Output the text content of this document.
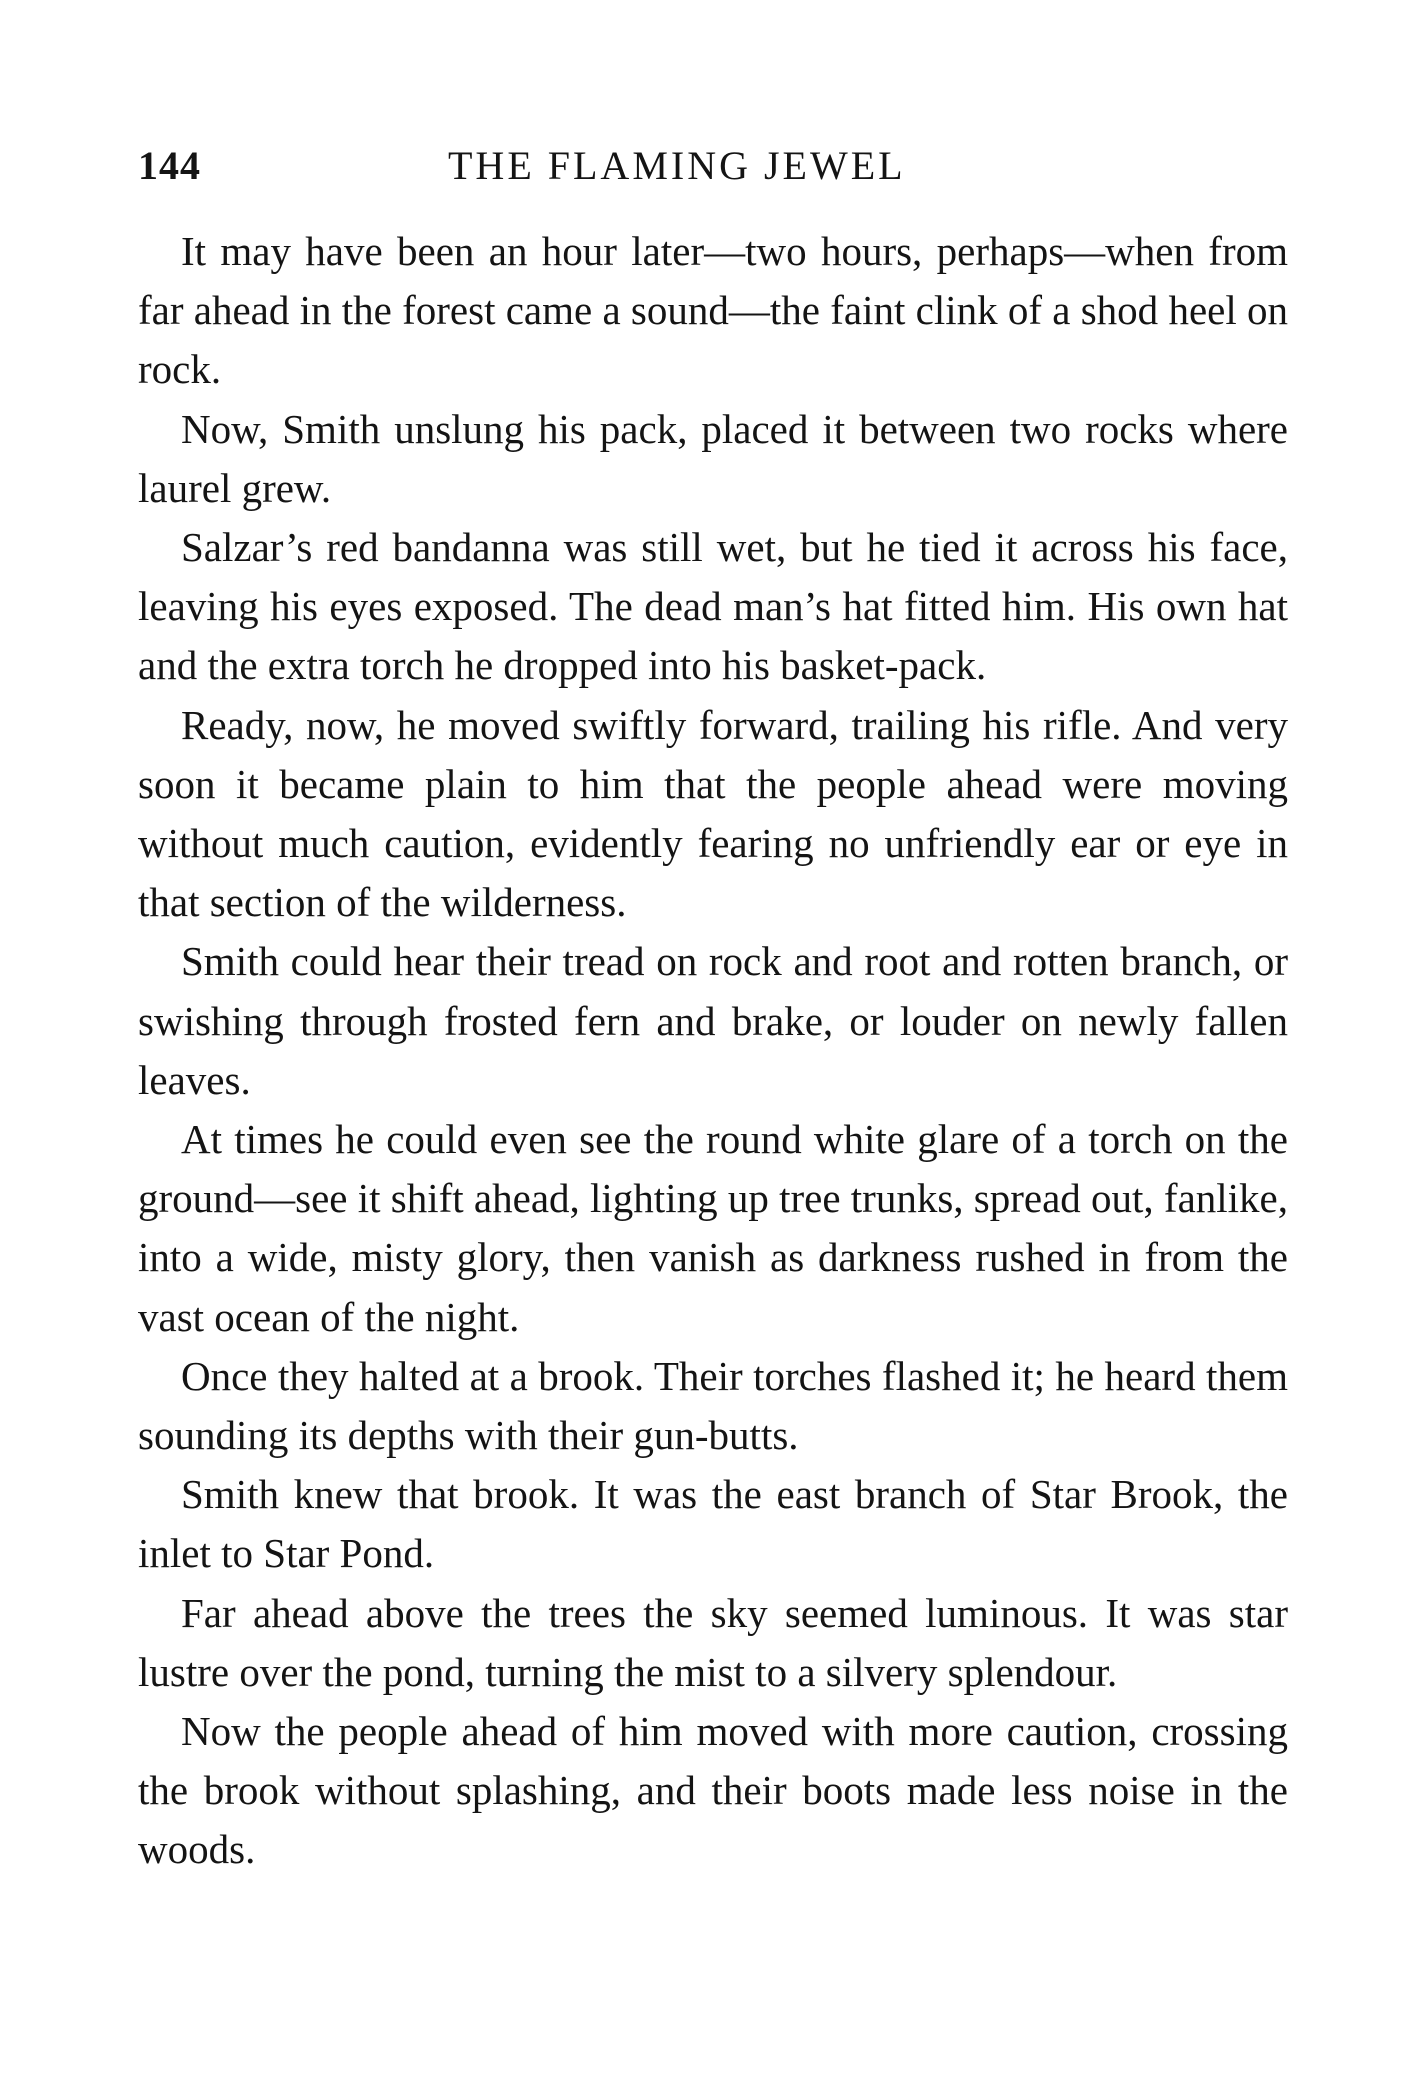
144	THE FLAMING JEWEL

It may have been an hour later—two hours, perhaps—when from far ahead in the forest came a sound—the faint clink of a shod heel on rock.

Now, Smith unslung his pack, placed it between two rocks where laurel grew.

Salzar’s red bandanna was still wet, but he tied it across his face, leaving his eyes exposed. The dead man’s hat fitted him. His own hat and the extra torch he dropped into his basket-pack.

Ready, now, he moved swiftly forward, trailing his rifle. And very soon it became plain to him that the people ahead were moving without much caution, evidently fearing no unfriendly ear or eye in that section of the wilderness.

Smith could hear their tread on rock and root and rotten branch, or swishing through frosted fern and brake, or louder on newly fallen leaves.

At times he could even see the round white glare of a torch on the ground—see it shift ahead, lighting up tree trunks, spread out, fanlike, into a wide, misty glory, then vanish as darkness rushed in from the vast ocean of the night.

Once they halted at a brook. Their torches flashed it; he heard them sounding its depths with their gun-butts.

Smith knew that brook. It was the east branch of Star Brook, the inlet to Star Pond.

Far ahead above the trees the sky seemed luminous. It was star lustre over the pond, turning the mist to a silvery splendour.

Now the people ahead of him moved with more caution, crossing the brook without splashing, and their boots made less noise in the woods.
